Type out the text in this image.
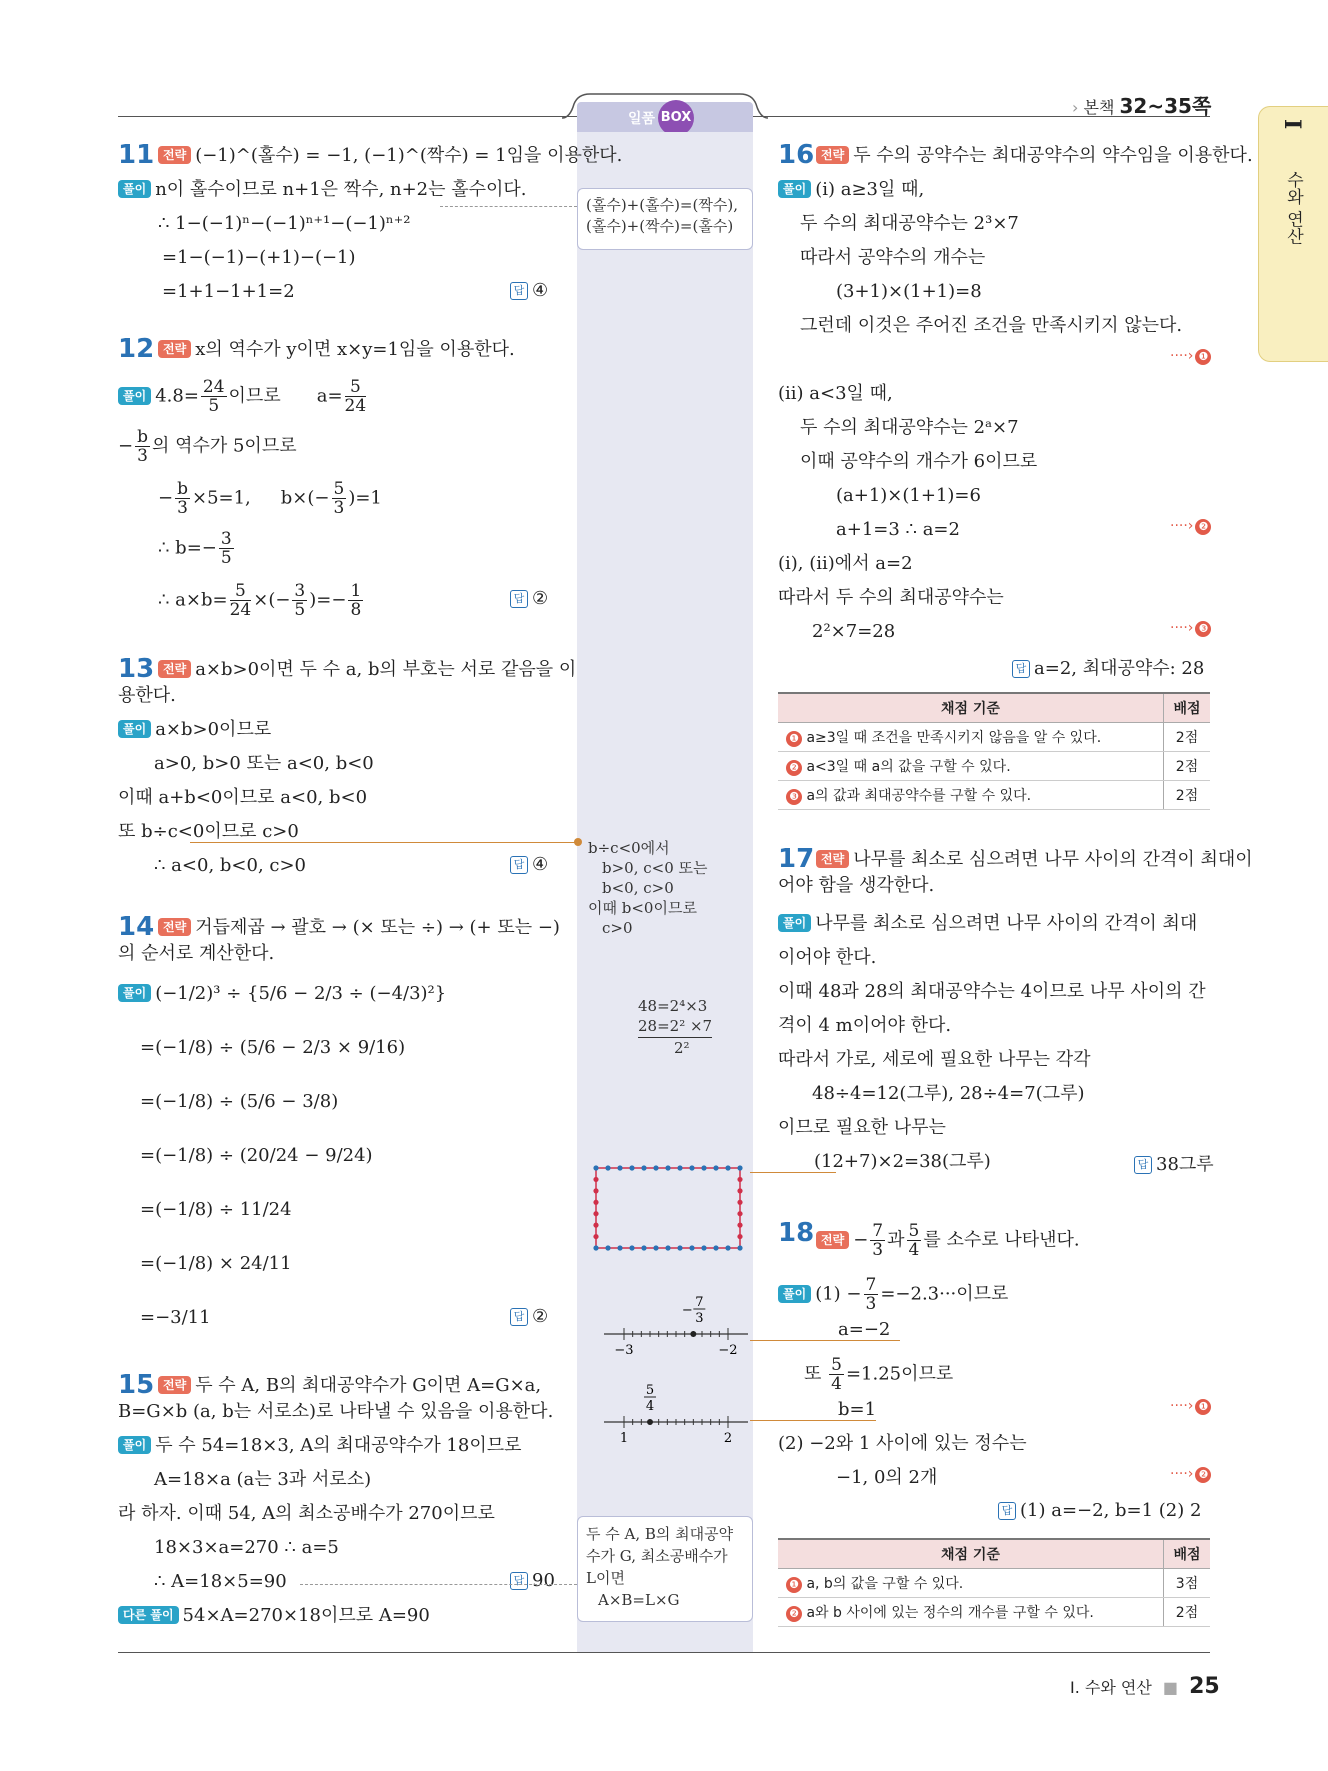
일품 BOX
› 본책 32~35쪽
I
수와 연산
11 전략 (−1)^(홀수) = −1, (−1)^(짝수) = 1임을 이용한다.
풀이 n이 홀수이므로 n+1은 짝수, n+2는 홀수이다.
∴ 1−(−1)ⁿ−(−1)ⁿ⁺¹−(−1)ⁿ⁺²
=1−(−1)−(+1)−(−1)
=1+1−1+1=2	답 ④
12 전략 x의 역수가 y이면 x×y=1임을 이용한다.
풀이 $4.8= \frac{24}{5}$ 이므로 $a= \frac{5}{24}$
− $\frac{b}{3}$ 의 역수가 5이므로
− $\frac{b}{3} \times 5=1$, $b\times(- \frac{5}{3} )=1$
∴ $b=- \frac{3}{5}$
∴ $a\times b= \frac{5}{24}$ ×(− $\frac{3}{5}$ )=− $\frac{1}{8}$	답 ②
13 전략 a×b>0이면 두 수 a, b의 부호는 서로 같음을 이
용한다.
풀이 a×b>0이므로
a>0, b>0 또는 a<0, b<0
이때 a+b<0이므로 a<0, b<0
또 b÷c<0이므로 c>0
∴ a<0, b<0, c>0	답 ④
14 전략 거듭제곱 → 괄호 → (× 또는 ÷) → (+ 또는 −)
의 순서로 계산한다.
풀이 (−1/2)³ ÷ {5/6 − 2/3 ÷ (−4/3)²}
=(−1/8) ÷ (5/6 − 2/3 × 9/16)
=(−1/8) ÷ (5/6 − 3/8)
=(−1/8) ÷ (20/24 − 9/24)
=(−1/8) ÷ 11/24
=(−1/8) × 24/11
=−3/11	답 ②
15 전략 두 수 A, B의 최대공약수가 G이면 A=G×a,
B=G×b (a, b는 서로소)로 나타낼 수 있음을 이용한다.
풀이 두 수 54=18×3, A의 최대공약수가 18이므로
A=18×a (a는 3과 서로소)
라 하자. 이때 54, A의 최소공배수가 270이므로
18×3×a=270 ∴ a=5
∴ A=18×5=90	답 90
다른 풀이 54×A=270×18이므로 A=90
(홀수)+(홀수)=(짝수),
(홀수)+(짝수)=(홀수)
b÷c<0에서
b>0, c<0 또는
b<0, c>0
이때 b<0이므로
c>0
48=2⁴×3
28=2² ×7
2²
−3	−2
7
3
−
1	2
5
4
두 수 A, B의 최대공약
수가 G, 최소공배수가
L이면
A×B=L×G
16 전략 두 수의 공약수는 최대공약수의 약수임을 이용한다.
풀이 (ⅰ) a≥3일 때,
두 수의 최대공약수는 2³×7
따라서 공약수의 개수는
(3+1)×(1+1)=8
그런데 이것은 주어진 조건을 만족시키지 않는다.
····› ❶
(ⅱ) a<3일 때,
두 수의 최대공약수는 2ᵃ×7
이때 공약수의 개수가 6이므로
(a+1)×(1+1)=6
a+1=3 ∴ a=2	····› ❷
(ⅰ), (ⅱ)에서 a=2
따라서 두 수의 최대공약수는
2²×7=28	····› ❸
답 a=2, 최대공약수: 28
채점 기준	배점
❶ a≥3일 때 조건을 만족시키지 않음을 알 수 있다.	2점
❷ a<3일 때 a의 값을 구할 수 있다.	2점
❸ a의 값과 최대공약수를 구할 수 있다.	2점
17 전략 나무를 최소로 심으려면 나무 사이의 간격이 최대이
어야 함을 생각한다.
풀이 나무를 최소로 심으려면 나무 사이의 간격이 최대
이어야 한다.
이때 48과 28의 최대공약수는 4이므로 나무 사이의 간
격이 4 m이어야 한다.
따라서 가로, 세로에 필요한 나무는 각각
48÷4=12(그루), 28÷4=7(그루)
이므로 필요한 나무는
(12+7)×2=38(그루)	답 38그루
18 전략 − $\frac{7}{3}$ 과 $\frac{5}{4}$ 를 소수로 나타낸다.
풀이 $(1) - \frac{7}{3} =-2.3\cdot\cdot\cdot$이므로
a=−2
또 $\frac{5}{4} =1.25$이므로
b=1	····› ❶
(2) −2와 1 사이에 있는 정수는
−1, 0의 2개	····› ❷
답 (1) a=−2, b=1 (2) 2
채점 기준	배점
❶ a, b의 값을 구할 수 있다.	3점
❷ a와 b 사이에 있는 정수의 개수를 구할 수 있다.	2점
Ⅰ. 수와 연산 ■ 25
